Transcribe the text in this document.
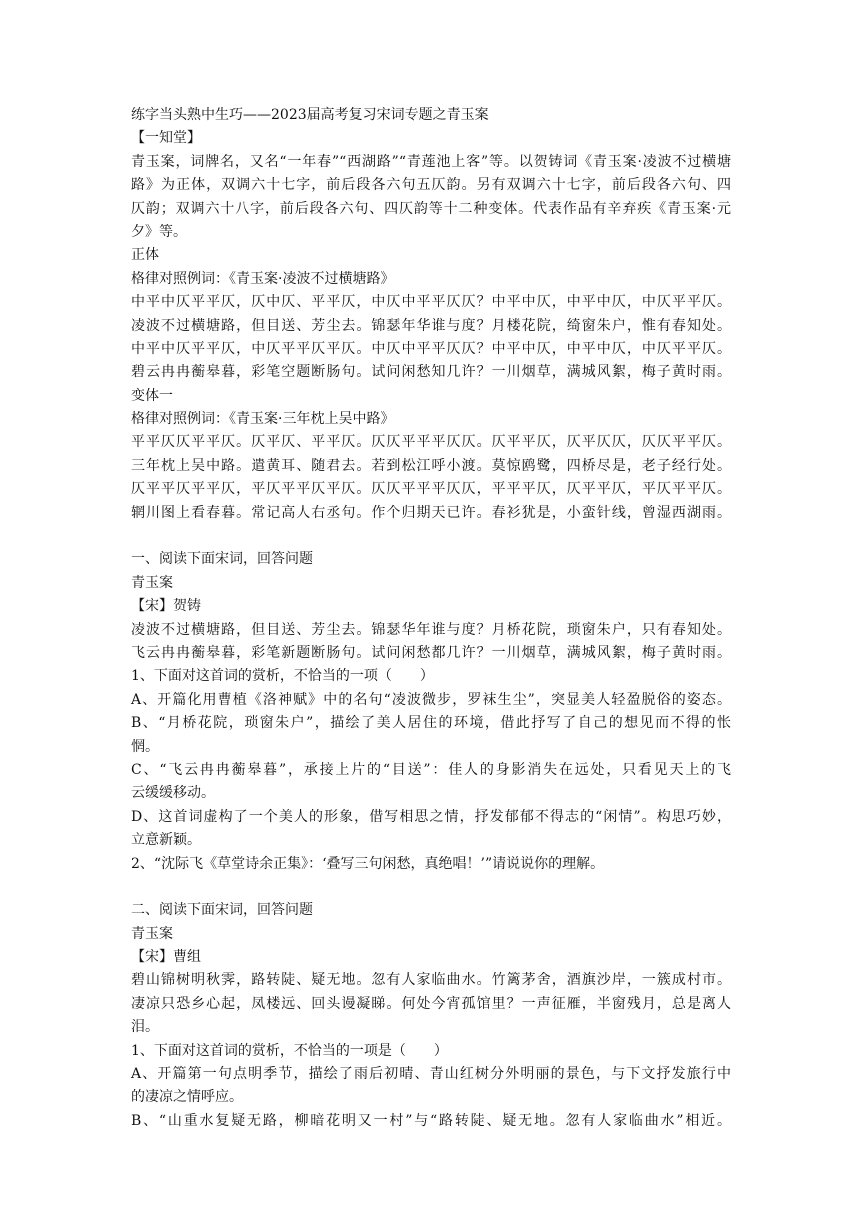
练字当头熟中生巧——2023届高考复习宋词专题之青玉案
【一知堂】
青玉案，词牌名，又名“一年春”“西湖路”“青莲池上客”等。以贺铸词《青玉案·凌波不过横塘
路》为正体，双调六十七字，前后段各六句五仄韵。另有双调六十七字，前后段各六句、四
仄韵；双调六十八字，前后段各六句、四仄韵等十二种变体。代表作品有辛弃疾《青玉案·元
夕》等。
正体
格律对照例词：《青玉案·凌波不过横塘路》
中平中仄平平仄，仄中仄、平平仄，中仄中平平仄仄？中平中仄，中平中仄，中仄平平仄。
凌波不过横塘路，但目送、芳尘去。锦瑟年华谁与度？月楼花院，绮窗朱户，惟有春知处。
中平中仄平平仄，中仄平平仄平仄。中仄中平平仄仄？中平中仄，中平中仄，中仄平平仄。
碧云冉冉蘅皋暮，彩笔空题断肠句。试问闲愁知几许？一川烟草，满城风絮，梅子黄时雨。
变体一
格律对照例词：《青玉案·三年枕上吴中路》
平平仄仄平平仄。仄平仄、平平仄。仄仄平平平仄仄。仄平平仄，仄平仄仄，仄仄平平仄。
三年枕上吴中路。遣黄耳、随君去。若到松江呼小渡。莫惊鸥鹭，四桥尽是，老子经行处。
仄平平仄平平仄，平仄平平仄平仄。仄仄平平平仄仄，平平平仄，仄平平仄，平仄平平仄。
辋川图上看春暮。常记高人右丞句。作个归期天已许。春衫犹是，小蛮针线，曾湿西湖雨。
一、阅读下面宋词，回答问题
青玉案
【宋】贺铸
凌波不过横塘路，但目送、芳尘去。锦瑟华年谁与度？月桥花院，琐窗朱户，只有春知处。
飞云冉冉蘅皋暮，彩笔新题断肠句。试问闲愁都几许？一川烟草，满城风絮，梅子黄时雨。
1、下面对这首词的赏析，不恰当的一项（　　）
A、开篇化用曹植《洛神赋》中的名句“凌波微步，罗袜生尘”，突显美人轻盈脱俗的姿态。
B、“月桥花院，琐窗朱户”，描绘了美人居住的环境，借此抒写了自己的想见而不得的怅
惘。
C、“飞云冉冉蘅皋暮”，承接上片的“目送”：佳人的身影消失在远处，只看见天上的飞
云缓缓移动。
D、这首词虚构了一个美人的形象，借写相思之情，抒发郁郁不得志的“闲情”。构思巧妙，
立意新颖。
2、“沈际飞《草堂诗余正集》：‘叠写三句闲愁，真绝唱！’”请说说你的理解。
二、阅读下面宋词，回答问题
青玉案
【宋】曹组
碧山锦树明秋霁，路转陡、疑无地。忽有人家临曲水。竹篱茅舍，酒旗沙岸，一簇成村市。
凄凉只恐乡心起，凤楼远、回头谩凝睇。何处今宵孤馆里？一声征雁，半窗残月，总是离人
泪。
1、下面对这首词的赏析，不恰当的一项是（　　）
A、开篇第一句点明季节，描绘了雨后初晴、青山红树分外明丽的景色，与下文抒发旅行中
的凄凉之情呼应。
B、“山重水复疑无路，柳暗花明又一村”与“路转陡、疑无地。忽有人家临曲水”相近。
